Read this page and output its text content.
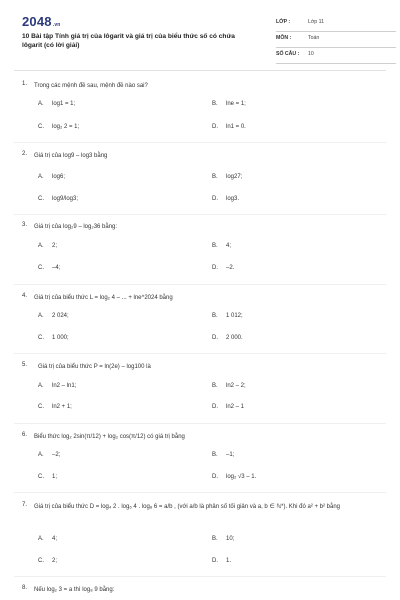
2048.vn
10 Bài tập Tính giá trị của lôgarit và giá trị của biểu thức số có chứa lôgarit (có lời giải)
LỚP :	Lớp 11
MÔN :	Toán
SỐ CÂU : 10
1. Trong các mệnh đề sau, mệnh đề nào sai?
A. log1 = 1;	B. lne = 1;
C. log₂ 2 = 1;	D. ln1 = 0.
2. Giá trị của log9 – log3 bằng
A. log6;	B. log27;
C. log9/log3;	D. log3.
3. Giá trị của log₂9 – log₂36 bằng:
A. 2;	B. 4;
C. –4;	D. –2.
4. Giá trị của biểu thức L = log₂ 4 – ... + lne^2024 bằng
A. 2 024;	B. 1 012;
C. 1 000;	D. 2 000.
5. Giá trị của biểu thức P = ln(2e) – log100 là
A. ln2 – ln1;	B. ln2 – 2;
C. ln2 + 1;	D. ln2 – 1
6. Biểu thức log₂ 2sin(π/12) + log₂ cos(π/12) có giá trị bằng
A. –2;	B. –1;
C. 1;	D. log₂ √3 – 1.
7. Giá trị của biểu thức D = log₄ 2 . log₆ 4 . log₈ 6 = a/b , (với a/b là phân số tối giản và a, b ∈ ℕ*). Khi đó a² + b² bằng
A. 4;	B. 10;
C. 2;	D. 1.
8. Nếu log₂ 3 = a thì log₈ 9 bằng:
